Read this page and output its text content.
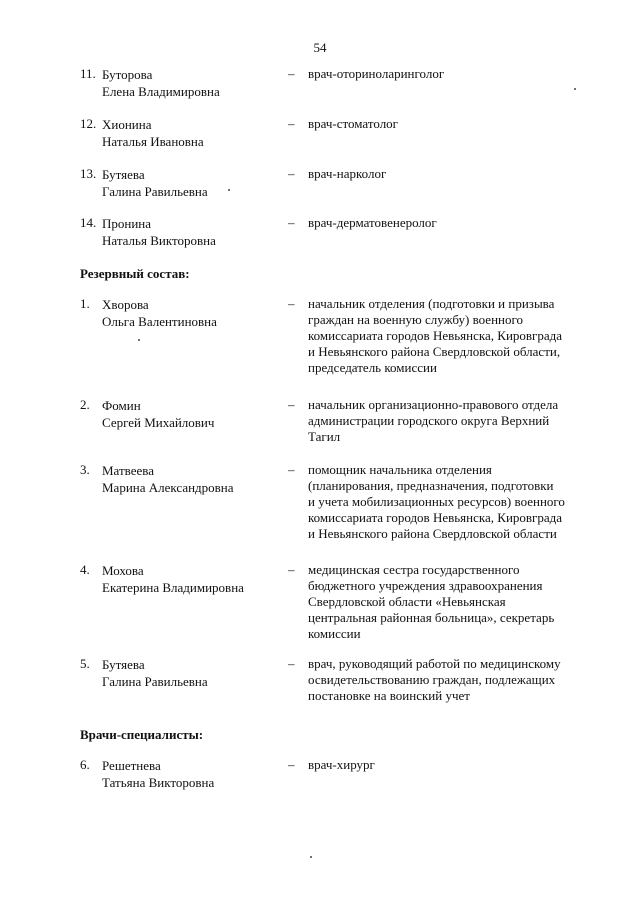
54
11. Буторова
Елена Владимировна
– врач-оториноларинголог
12. Хионина
Наталья Ивановна
– врач-стоматолог
13. Бутяева
Галина Равильевна
– врач-нарколог
14. Пронина
Наталья Викторовна
– врач-дерматовенеролог
Резервный состав:
1. Хворова
Ольга Валентиновна
– начальник отделения (подготовки и призыва
граждан на военную службу) военного
комиссариата городов Невьянска, Кировграда
и Невьянского района Свердловской области,
председатель комиссии
2. Фомин
Сергей Михайлович
– начальник организационно-правового отдела
администрации городского округа Верхний
Тагил
3. Матвеева
Марина Александровна
– помощник начальника отделения
(планирования, предназначения, подготовки
и учета мобилизационных ресурсов) военного
комиссариата городов Невьянска, Кировграда
и Невьянского района Свердловской области
4. Мохова
Екатерина Владимировна
– медицинская сестра государственного
бюджетного учреждения здравоохранения
Свердловской области «Невьянская
центральная районная больница», секретарь
комиссии
5. Бутяева
Галина Равильевна
– врач, руководящий работой по медицинскому
освидетельствованию граждан, подлежащих
постановке на воинский учет
Врачи-специалисты:
6. Решетнева
Татьяна Викторовна
– врач-хирург
